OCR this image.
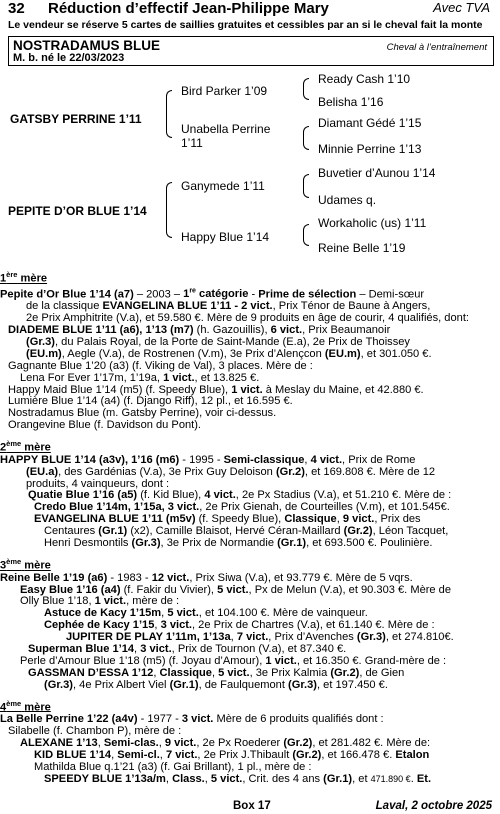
32 Réduction d’effectif Jean-Philippe Mary	Avec TVA
Le vendeur se réserve 5 cartes de saillies gratuites et cessibles par an si le cheval fait la monte
NOSTRADAMUS BLUE
M. b. né le 22/03/2023
Cheval à l’entraînement
GATSBY PERRINE 1’11
PEPITE D’OR BLUE 1’14
Bird Parker 1’09
Unabella Perrine 1’11
Ganymede 1’11
Happy Blue 1’14
Ready Cash 1’10
Belisha 1’16
Diamant Gédé 1’15
Minnie Perrine 1’13
Buvetier d’Aunou 1’14
Udames q.
Workaholic (us) 1’11
Reine Belle 1’19

1ère mère

Pepite d’Or Blue 1’14 (a7) – 2003 – 1re catégorie - Prime de sélection – Demi-sœur

de la classique EVANGELINA BLUE 1’11 - 2 vict., Prix Ténor de Baune à Angers,

2e Prix Amphitrite (V.a), et 59.580 €. Mère de 9 produits en âge de courir, 4 qualifiés, dont:

DIADEME BLUE 1’11 (a6), 1’13 (m7) (h. Gazouillis), 6 vict., Prix Beaumanoir

(Gr.3), du Palais Royal, de la Porte de Saint-Mande (E.a), 2e Prix de Thoissey

(EU.m), Aegle (V.a), de Rostrenen (V.m), 3e Prix d’Alençcon (EU.m), et 301.050 €.

Gagnante Blue 1’20 (a3) (f. Viking de Val), 3 places. Mère de :

Lena For Ever 1’17m, 1’19a, 1 vict., et 13.825 €.

Happy Maid Blue 1’14 (m5) (f. Speedy Blue), 1 vict. à Meslay du Maine, et 42.880 €.

Lumière Blue 1’14 (a4) (f. Django Riff), 12 pl., et 16.595 €.

Nostradamus Blue (m. Gatsby Perrine), voir ci-dessus.

Orangevine Blue (f. Davidson du Pont).

2ème mère

HAPPY BLUE 1’14 (a3v), 1’16 (m6) - 1995 - Semi-classique, 4 vict., Prix de Rome

(EU.a), des Gardénias (V.a), 3e Prix Guy Deloison (Gr.2), et 169.808 €. Mère de 12

produits, 4 vainqueurs, dont :

Quatie Blue 1’16 (a5) (f. Kid Blue), 4 vict., 2e Px Stadius (V.a), et 51.210 €. Mère de :

Credo Blue 1’14m, 1’15a, 3 vict., 2e Prix Gienah, de Courteilles (V.m), et 101.545€.

EVANGELINA BLUE 1’11 (m5v) (f. Speedy Blue), Classique, 9 vict., Prix des

Centaures (Gr.1) (x2), Camille Blaisot, Hervé Céran-Maillard (Gr.2), Léon Tacquet,

Henri Desmontils (Gr.3), 3e Prix de Normandie (Gr.1), et 693.500 €. Poulinière.

3ème mère

Reine Belle 1’19 (a6) - 1983 - 12 vict., Prix Siwa (V.a), et 93.779 €. Mère de 5 vqrs.

Easy Blue 1’16 (a4) (f. Fakir du Vivier), 5 vict., Px de Melun (V.a), et 90.303 €. Mère de

Olly Blue 1’18, 1 vict., mère de :

Astuce de Kacy 1’15m, 5 vict., et 104.100 €. Mère de vainqueur.

Cephée de Kacy 1’15, 3 vict., 2e Prix de Chartres (V.a), et 61.140 €. Mère de :

JUPITER DE PLAY 1’11m, 1’13a, 7 vict., Prix d’Avenches (Gr.3), et 274.810€.

Superman Blue 1’14, 3 vict., Prix de Tournon (V.a), et 87.340 €.

Perle d’Amour Blue 1’18 (m5) (f. Joyau d’Amour), 1 vict., et 16.350 €. Grand-mère de :

GASSMAN D’ESSA 1’12, Classique, 5 vict., 3e Prix Kalmia (Gr.2), de Gien

(Gr.3), 4e Prix Albert Viel (Gr.1), de Faulquemont (Gr.3), et 197.450 €.

4ème mère

La Belle Perrine 1’22 (a4v) - 1977 - 3 vict. Mère de 6 produits qualifiés dont :

Silabelle (f. Chambon P), mère de :

ALEXANE 1’13, Semi-clas., 9 vict., 2e Px Roederer (Gr.2), et 281.482 €. Mère de:

KID BLUE 1’14, Semi-cl., 7 vict., 2e Prix J.Thibault (Gr.2), et 166.478 €. Etalon

Mathilda Blue q.1’21 (a3) (f. Gai Brillant), 1 pl., mère de :

SPEEDY BLUE 1’13a/m, Class., 5 vict., Crit. des 4 ans (Gr.1), et 471.890 €. Et.

Box 17	Laval, 2 octobre 2025
